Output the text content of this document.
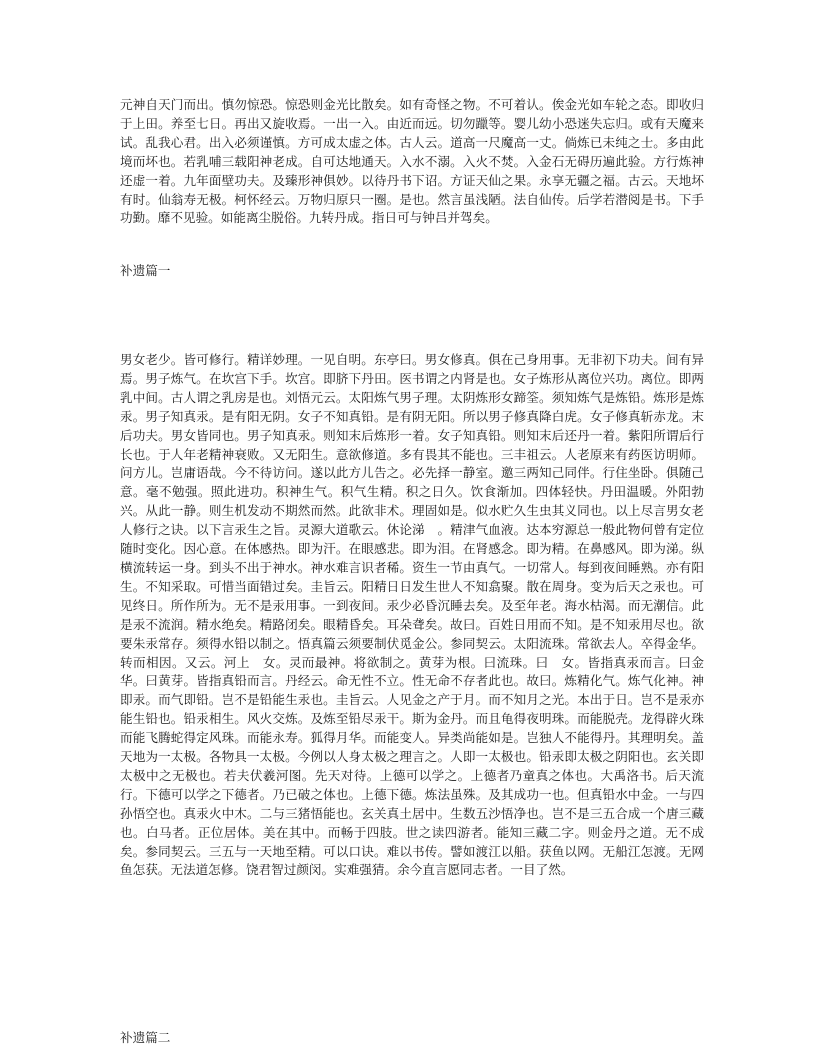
元神自天门而出。慎勿惊恐。惊恐则金光比散矣。如有奇怪之物。不可着认。俟金光如车轮之态。即收归于上田。养至七日。再出又旋收焉。一出一入。由近而远。切勿躐等。婴儿幼小恐迷失忘归。或有天魔来试。乱我心君。出入必须谨慎。方可成太虚之体。古人云。道高一尺魔高一丈。倘炼已未纯之士。多由此境而坏也。若乳哺三载阳神老成。自可达地通天。入水不溺。入火不焚。入金石无碍历遍此验。方行炼神还虚一着。九年面壁功夫。及臻形神俱妙。以待丹书下诏。方证天仙之果。永享无疆之福。古云。天地坏有时。仙翁寿无极。柯怀经云。万物归原只一圈。是也。然言虽浅陋。法自仙传。后学若潜阅是书。下手功勤。靡不见验。如能离尘脱俗。九转丹成。指日可与钟吕并驾矣。

补遗篇一

男女老少。皆可修行。精详妙理。一见自明。东亭曰。男女修真。俱在己身用事。无非初下功夫。间有异焉。男子炼气。在坎宫下手。坎宫。即脐下丹田。医书谓之内肾是也。女子炼形从离位兴功。离位。即两乳中间。古人谓之乳房是也。刘悟元云。太阳炼气男子理。太阴炼形女蹄筌。须知炼气是炼铅。炼形是炼汞。男子知真汞。是有阳无阴。女子不知真铅。是有阴无阳。所以男子修真降白虎。女子修真斩赤龙。末后功夫。男女皆同也。男子知真汞。则知末后炼形一着。女子知真铅。则知末后还丹一着。紫阳所谓后行长也。于人年老精神衰败。又无阳生。意欲修道。多有畏其不能也。三丰祖云。人老原来有药医访明师。问方儿。岂庸语哉。今不待访问。遂以此方儿告之。必先择一静室。邀三两知己同伴。行住坐卧。俱随己意。毫不勉强。照此进功。积神生气。积气生精。积之日久。饮食渐加。四体轻快。丹田温暖。外阳勃兴。从此一静。则生机发动不期然而然。此欲非术。理固如是。似水贮久生虫其义同也。以上尽言男女老人修行之诀。以下言汞生之旨。灵源大道歌云。休论涕　。精津气血液。达本穷源总一般此物何曾有定位随时变化。因心意。在体感热。即为汗。在眼感悲。即为泪。在肾感念。即为精。在鼻感风。即为涕。纵横流转运一身。到头不出于神水。神水难言识者稀。资生一节由真气。一切常人。每到夜间睡熟。亦有阳生。不知采取。可惜当面错过矣。圭旨云。阳精日日发生世人不知翕聚。散在周身。变为后天之汞也。可见终日。所作所为。无不是汞用事。一到夜间。汞少必昏沉睡去矣。及至年老。海水枯渴。而无潮信。此是汞不流润。精水绝矣。精路闭矣。眼精昏矣。耳朵聋矣。故曰。百姓日用而不知。是不知汞用尽也。欲要朱汞常存。须得水铅以制之。悟真篇云须要制伏觅金公。参同契云。太阳流珠。常欲去人。卒得金华。转而相因。又云。河上　女。灵而最神。将欲制之。黄芽为根。曰流珠。曰　女。皆指真汞而言。曰金华。曰黄芽。皆指真铅而言。丹经云。命无性不立。性无命不存者此也。故曰。炼精化气。炼气化神。神即汞。而气即铅。岂不是铅能生汞也。圭旨云。人见金之产于月。而不知月之光。本出于日。岂不是汞亦能生铅也。铅汞相生。风火交炼。及炼至铅尽汞干。斯为金丹。而且龟得夜明珠。而能脱壳。龙得辟火珠而能飞腾蛇得定风珠。而能永寿。狐得月华。而能变人。异类尚能如是。岂独人不能得丹。其理明矣。盖天地为一太极。各物具一太极。今例以人身太极之理言之。人即一太极也。铅汞即太极之阴阳也。玄关即太极中之无极也。若夫伏羲河图。先天对待。上德可以学之。上德者乃童真之体也。大禹洛书。后天流行。下德可以学之下德者。乃已破之体也。上德下德。炼法虽殊。及其成功一也。但真铅水中金。一与四孙悟空也。真汞火中木。二与三猪悟能也。玄关真土居中。生数五沙悟净也。岂不是三五合成一个唐三藏也。白马者。正位居体。美在其中。而畅于四肢。世之读四游者。能知三藏二字。则金丹之道。无不成矣。参同契云。三五与一天地至精。可以口诀。难以书传。譬如渡江以船。获鱼以网。无船江怎渡。无网鱼怎获。无法道怎修。饶君智过颜闵。实难强猜。余今直言愿同志者。一目了然。

补遗篇二
